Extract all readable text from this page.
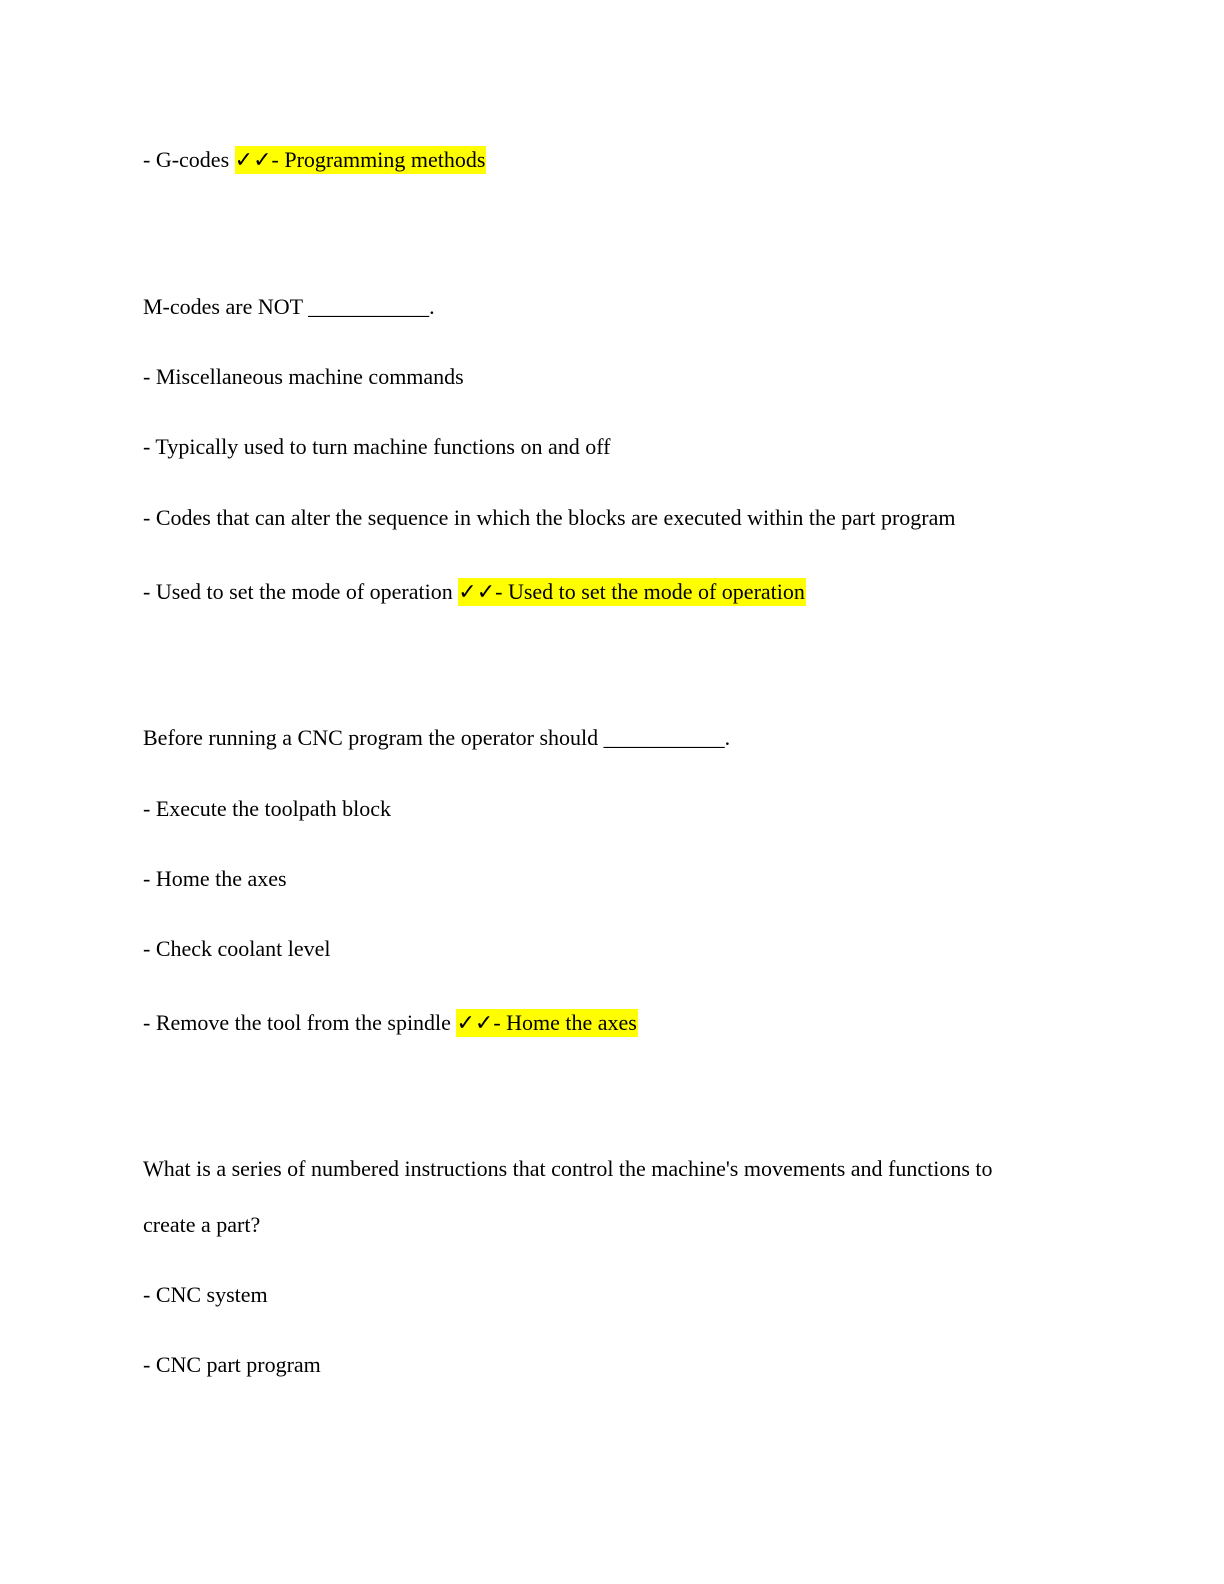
- G-codes ✓✓- Programming methods
M-codes are NOT ___________.
- Miscellaneous machine commands
- Typically used to turn machine functions on and off
- Codes that can alter the sequence in which the blocks are executed within the part program
- Used to set the mode of operation ✓✓- Used to set the mode of operation
Before running a CNC program the operator should ___________.
- Execute the toolpath block
- Home the axes
- Check coolant level
- Remove the tool from the spindle ✓✓- Home the axes
What is a series of numbered instructions that control the machine's movements and functions to
create a part?
- CNC system
- CNC part program
